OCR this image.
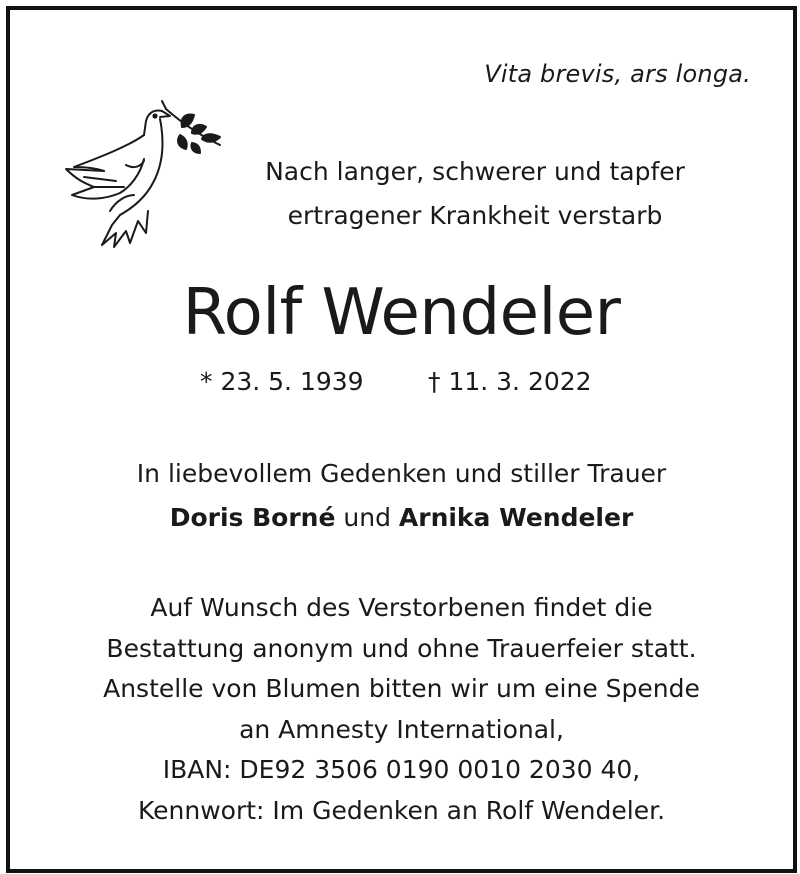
Vita brevis, ars longa.
Nach langer, schwerer und tapfer
ertragener Krankheit verstarb
Rolf Wendeler
* 23. 5. 1939	† 11. 3. 2022
In liebevollem Gedenken und stiller Trauer
Doris Borné und Arnika Wendeler
Auf Wunsch des Verstorbenen findet die
Bestattung anonym und ohne Trauerfeier statt.
Anstelle von Blumen bitten wir um eine Spende
an Amnesty International,
IBAN: DE92 3506 0190 0010 2030 40,
Kennwort: Im Gedenken an Rolf Wendeler.
